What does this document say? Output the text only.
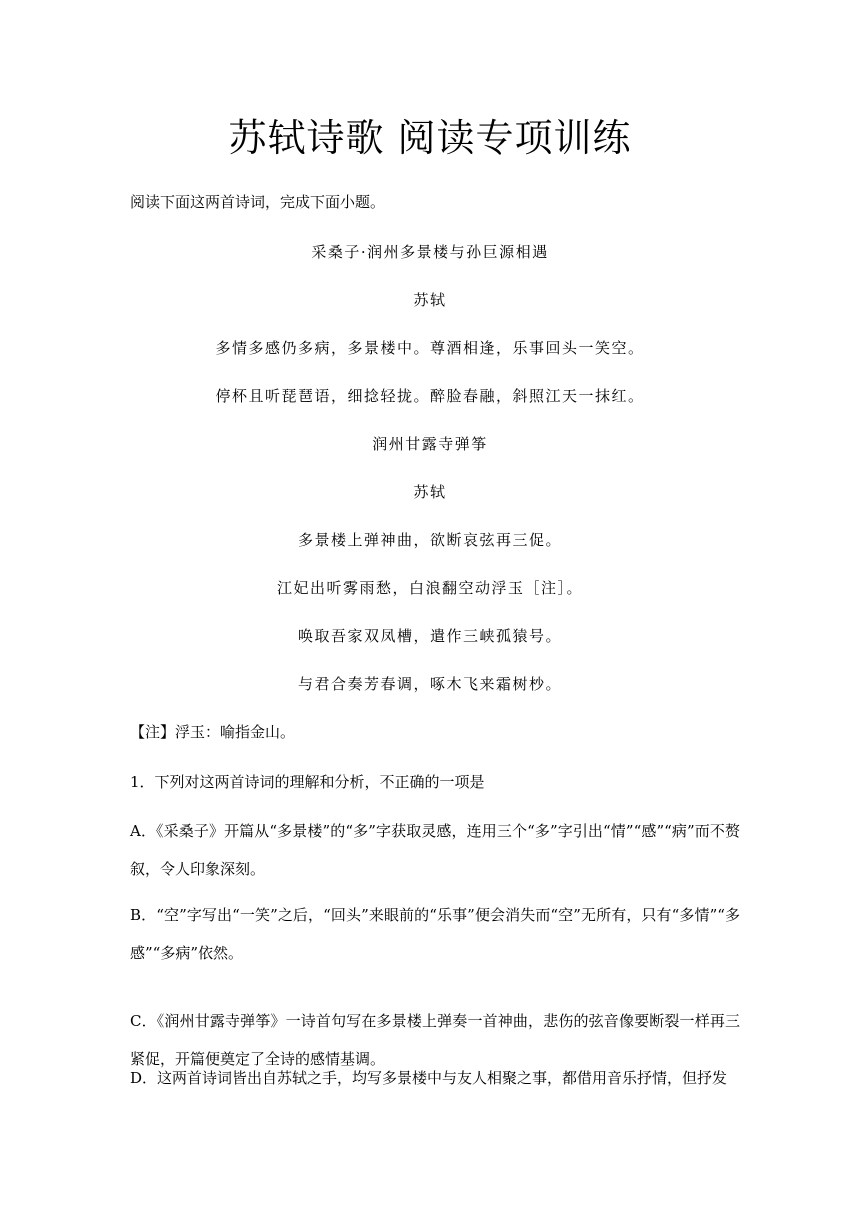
苏轼诗歌 阅读专项训练
阅读下面这两首诗词，完成下面小题。
采桑子·润州多景楼与孙巨源相遇
苏轼
多情多感仍多病，多景楼中。尊酒相逢，乐事回头一笑空。
停杯且听琵琶语，细捻轻拢。醉脸春融，斜照江天一抹红。
润州甘露寺弹筝
苏轼
多景楼上弹神曲，欲断哀弦再三促。
江妃出听雾雨愁，白浪翻空动浮玉［注］。
唤取吾家双凤槽，遣作三峡孤猿号。
与君合奏芳春调，啄木飞来霜树杪。
【注】浮玉：喻指金山。
1．下列对这两首诗词的理解和分析，不正确的一项是
A．《采桑子》开篇从“多景楼”的“多”字获取灵感，连用三个“多”字引出“情”“感”“病”而不赘叙，令人印象深刻。
B．“空”字写出“一笑”之后，“回头”来眼前的“乐事”便会消失而“空”无所有，只有“多情”“多感”“多病”依然。
C．《润州甘露寺弹筝》一诗首句写在多景楼上弹奏一首神曲，悲伤的弦音像要断裂一样再三紧促，开篇便奠定了全诗的感情基调。
D．这两首诗词皆出自苏轼之手，均写多景楼中与友人相聚之事，都借用音乐抒情，但抒发
